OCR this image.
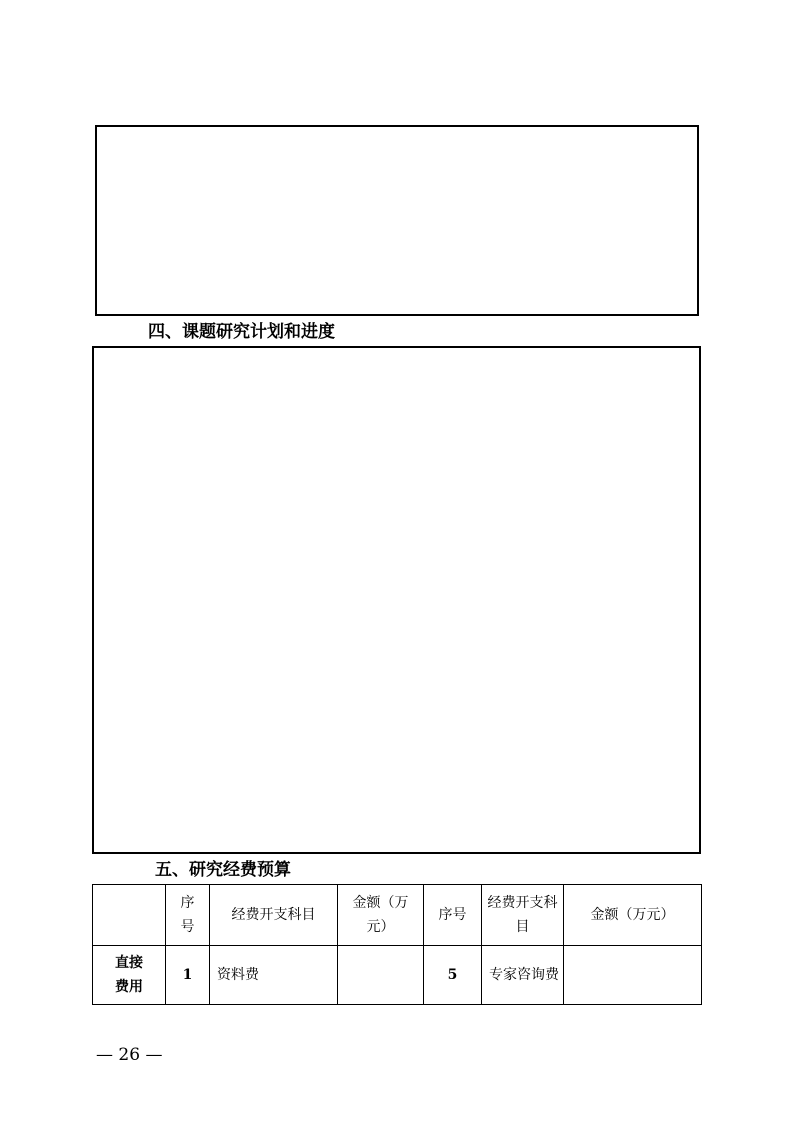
四、课题研究计划和进度
五、研究经费预算
	序号	经费开支科目	金额（万元）	序号	经费开支科目	金额（万元）
直接费用	1	资料费		5	专家咨询费	
— 26 —
